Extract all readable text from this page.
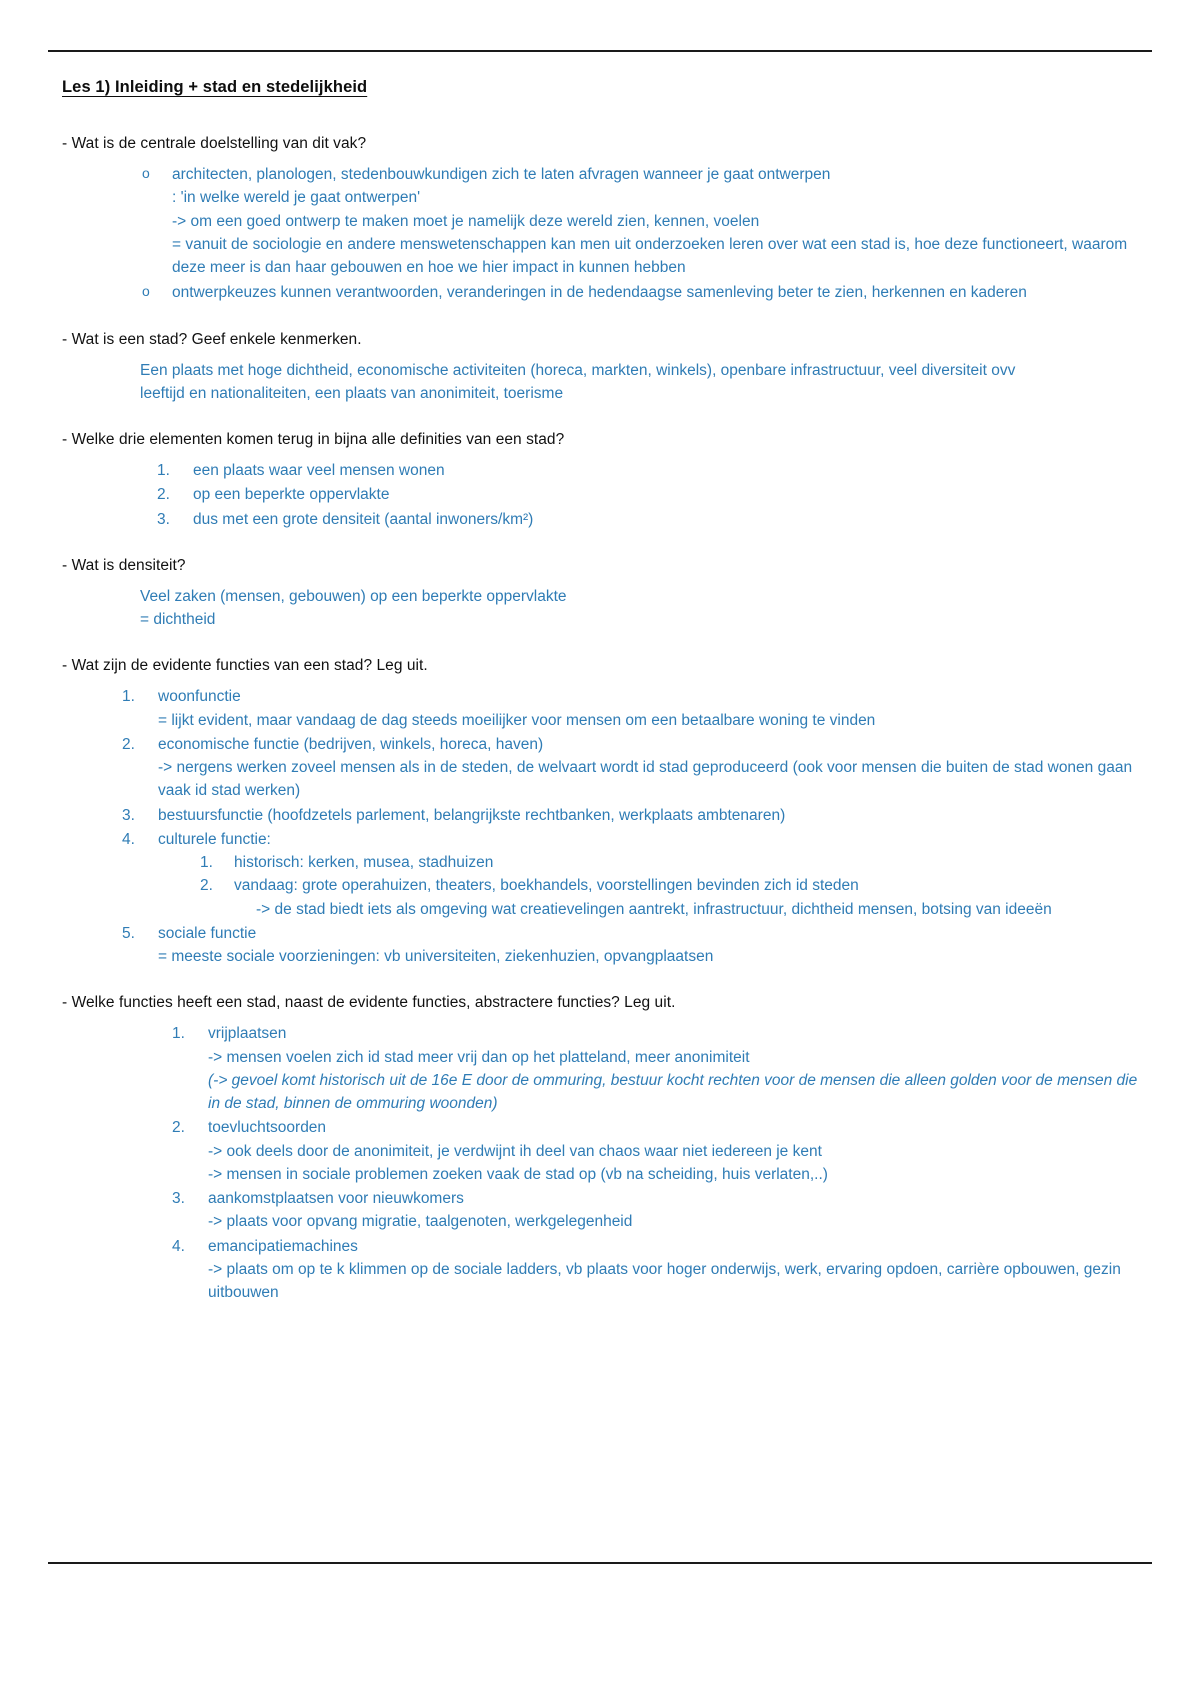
Les 1) Inleiding + stad en stedelijkheid

- Wat is de centrale doelstelling van dit vak?

o architecten, planologen, stedenbouwkundigen zich te laten afvragen wanneer je gaat ontwerpen
: 'in welke wereld je gaat ontwerpen'
-> om een goed ontwerp te maken moet je namelijk deze wereld zien, kennen, voelen
= vanuit de sociologie en andere menswetenschappen kan men uit onderzoeken leren over wat een stad is, hoe deze functioneert, waarom deze meer is dan haar gebouwen en hoe we hier impact in kunnen hebben
o ontwerpkeuzes kunnen verantwoorden, veranderingen in de hedendaagse samenleving beter te zien, herkennen en kaderen

- Wat is een stad? Geef enkele kenmerken.

Een plaats met hoge dichtheid, economische activiteiten (horeca, markten, winkels), openbare infrastructuur, veel diversiteit ovv leeftijd en nationaliteiten, een plaats van anonimiteit, toerisme

- Welke drie elementen komen terug in bijna alle definities van een stad?

een plaats waar veel mensen wonen
op een beperkte oppervlakte
dus met een grote densiteit (aantal inwoners/km²)

- Wat is densiteit?

Veel zaken (mensen, gebouwen) op een beperkte oppervlakte
= dichtheid

- Wat zijn de evidente functies van een stad? Leg uit.

woonfunctie
= lijkt evident, maar vandaag de dag steeds moeilijker voor mensen om een betaalbare woning te vinden
economische functie (bedrijven, winkels, horeca, haven)
-> nergens werken zoveel mensen als in de steden, de welvaart wordt id stad geproduceerd (ook voor mensen die buiten de stad wonen gaan vaak id stad werken)
bestuursfunctie (hoofdzetels parlement, belangrijkste rechtbanken, werkplaats ambtenaren)
culturele functie:
historisch: kerken, musea, stadhuizen
vandaag: grote operahuizen, theaters, boekhandels, voorstellingen bevinden zich id steden
-> de stad biedt iets als omgeving wat creatievelingen aantrekt, infrastructuur, dichtheid mensen, botsing van ideeën
sociale functie
= meeste sociale voorzieningen: vb universiteiten, ziekenhuzien, opvangplaatsen

- Welke functies heeft een stad, naast de evidente functies, abstractere functies? Leg uit.

vrijplaatsen
-> mensen voelen zich id stad meer vrij dan op het platteland, meer anonimiteit
(-> gevoel komt historisch uit de 16e E door de ommuring, bestuur kocht rechten voor de mensen die alleen golden voor de mensen die in de stad, binnen de ommuring woonden)
toevluchtsoorden
-> ook deels door de anonimiteit, je verdwijnt ih deel van chaos waar niet iedereen je kent
-> mensen in sociale problemen zoeken vaak de stad op (vb na scheiding, huis verlaten,..)
aankomstplaatsen voor nieuwkomers
-> plaats voor opvang migratie, taalgenoten, werkgelegenheid
emancipatiemachines
-> plaats om op te k klimmen op de sociale ladders, vb plaats voor hoger onderwijs, werk, ervaring opdoen, carrière opbouwen, gezin uitbouwen
